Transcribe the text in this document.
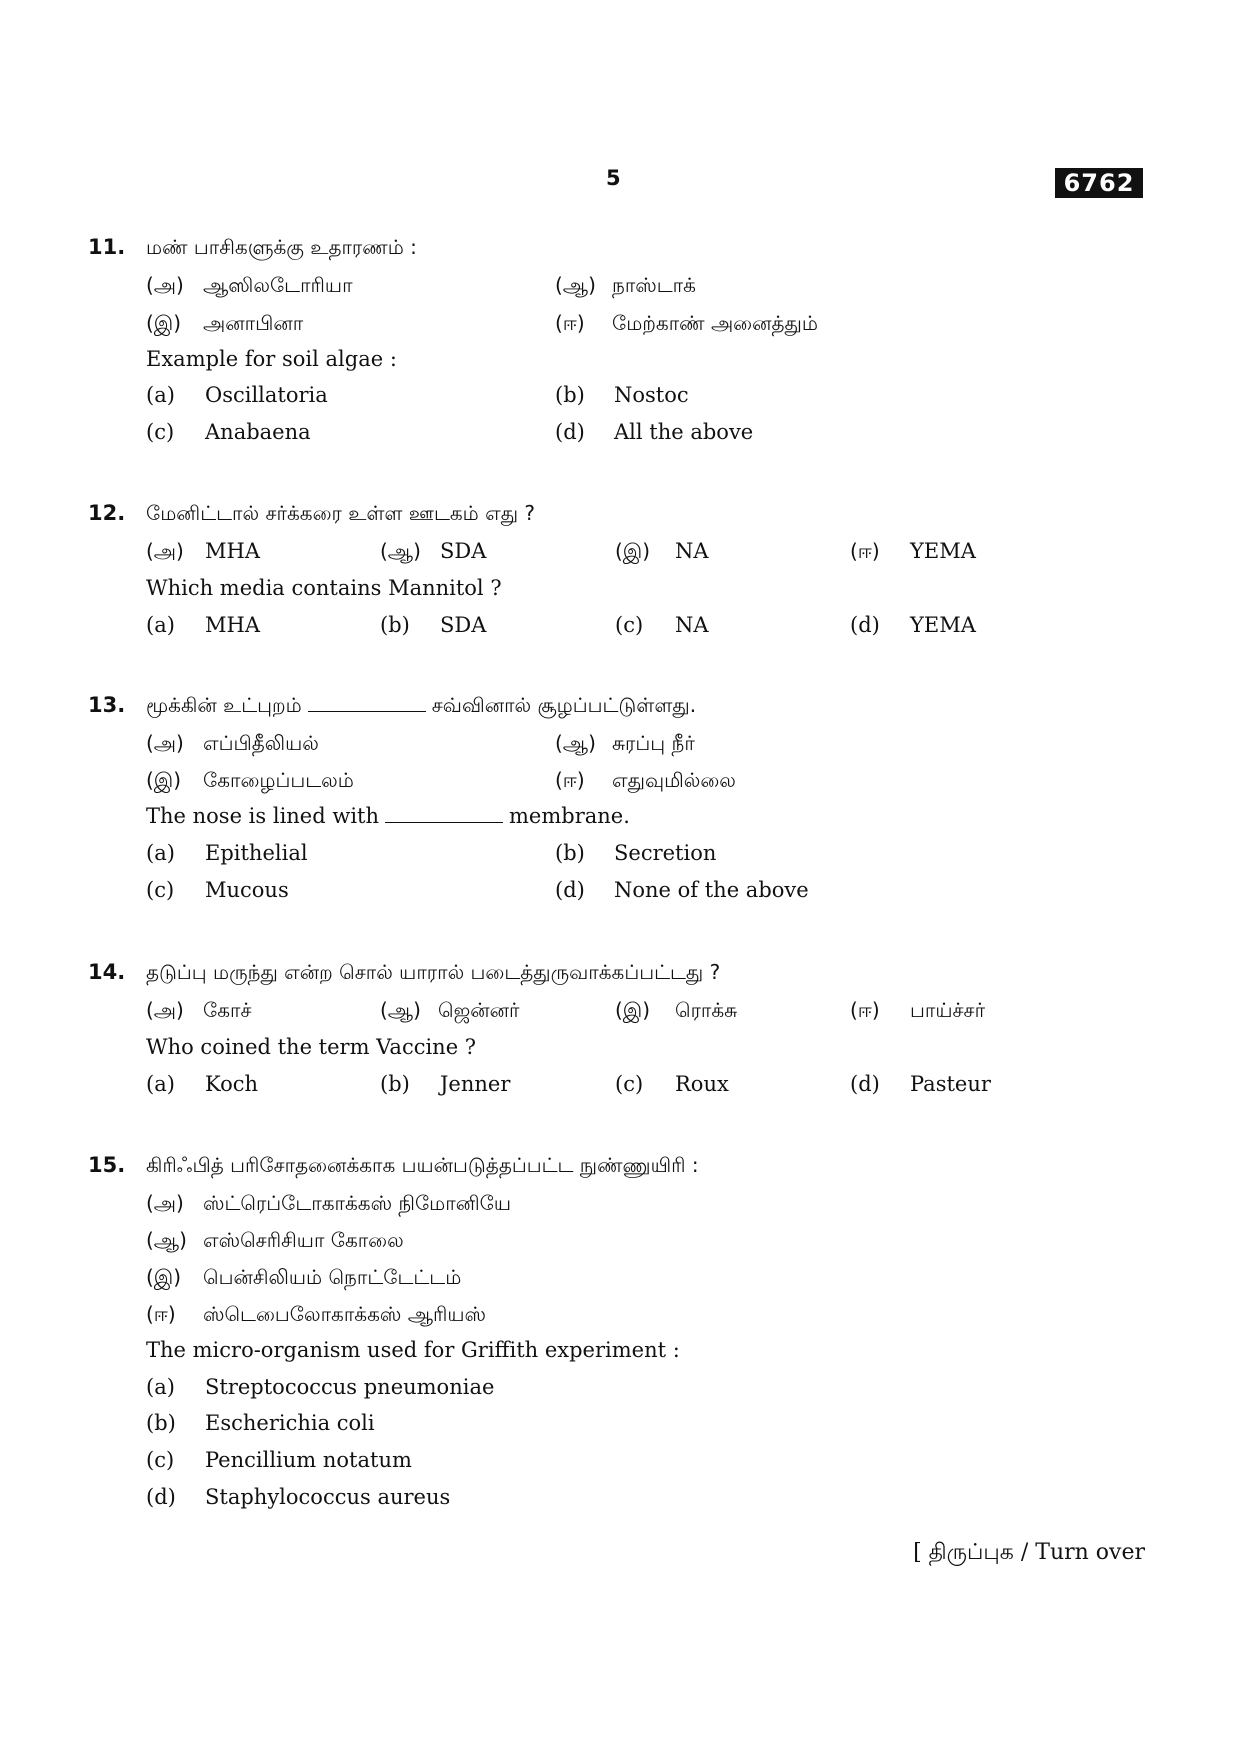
5	6762
11. மண் பாசிகளுக்கு உதாரணம் :
(அ) ஆஸிலடோரியா	(ஆ) நாஸ்டாக்
(இ) அனாபினா	(ஈ) மேற்காண் அனைத்தும்
Example for soil algae :
(a) Oscillatoria	(b) Nostoc
(c) Anabaena	(d) All the above
12. மேனிட்டால் சர்க்கரை உள்ள ஊடகம் எது ?
(அ) MHA	(ஆ) SDA	(இ) NA	(ஈ) YEMA
Which media contains Mannitol ?
(a) MHA	(b) SDA	(c) NA	(d) YEMA
13. மூக்கின் உட்புறம்	சவ்வினால் சூழப்பட்டுள்ளது.
(அ) எப்பிதீலியல்	(ஆ) சுரப்பு நீர்
(இ) கோழைப்படலம்	(ஈ) எதுவுமில்லை
The nose is lined with	membrane.
(a) Epithelial	(b) Secretion
(c) Mucous	(d) None of the above
14. தடுப்பு மருந்து என்ற சொல் யாரால் படைத்துருவாக்கப்பட்டது ?
(அ) கோச்	(ஆ) ஜென்னர்	(இ) ரொக்சு	(ஈ) பாய்ச்சர்
Who coined the term Vaccine ?
(a) Koch	(b) Jenner	(c) Roux	(d) Pasteur
15. கிரிஃபித் பரிசோதனைக்காக பயன்படுத்தப்பட்ட நுண்ணுயிரி :
(அ) ஸ்ட்ரெப்டோகாக்கஸ் நிமோனியே
(ஆ) எஸ்செரிசியா கோலை
(இ) பென்சிலியம் நொட்டேட்டம்
(ஈ) ஸ்டெபைலோகாக்கஸ் ஆரியஸ்
The micro-organism used for Griffith experiment :
(a) Streptococcus pneumoniae
(b) Escherichia coli
(c) Pencillium notatum
(d) Staphylococcus aureus
[ திருப்புக / Turn over
